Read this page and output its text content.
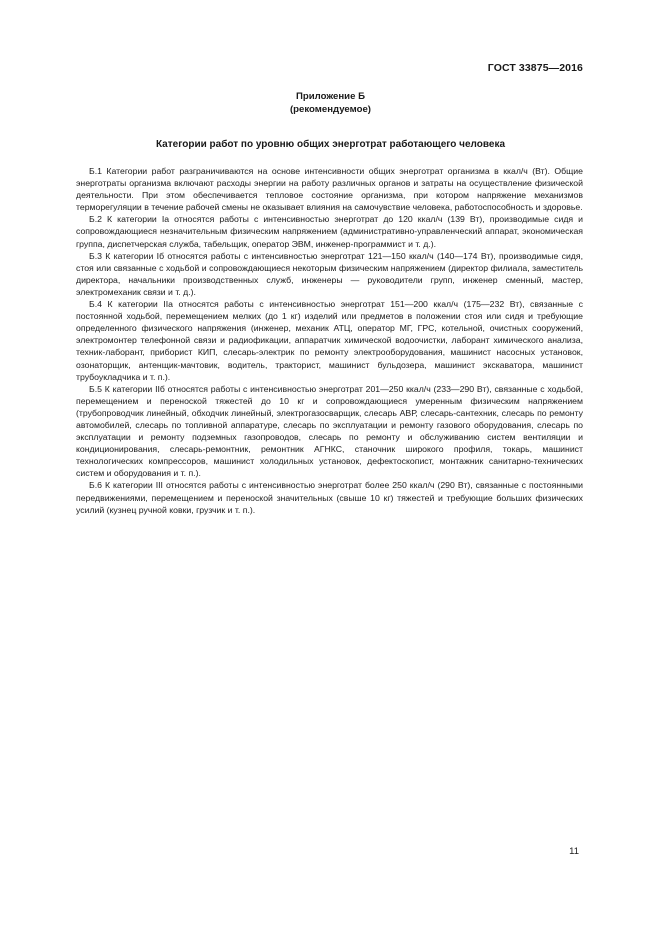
ГОСТ 33875—2016
Приложение Б
(рекомендуемое)
Категории работ по уровню общих энерготрат работающего человека

Б.1 Категории работ разграничиваются на основе интенсивности общих энерготрат организма в ккал/ч (Вт). Общие энерготраты организма включают расходы энергии на работу различных органов и затраты на осуществление физической деятельности. При этом обеспечивается тепловое состояние организма, при котором напряжение механизмов терморегуляции в течение рабочей смены не оказывает влияния на самочувствие человека, работоспособность и здоровье.

Б.2 К категории Iа относятся работы с интенсивностью энерготрат до 120 ккал/ч (139 Вт), производимые сидя и сопровождающиеся незначительным физическим напряжением (административно-управленческий аппарат, экономическая группа, диспетчерская служба, табельщик, оператор ЭВМ, инженер-программист и т. д.).

Б.3 К категории Iб относятся работы с интенсивностью энерготрат 121—150 ккал/ч (140—174 Вт), производимые сидя, стоя или связанные с ходьбой и сопровождающиеся некоторым физическим напряжением (директор филиала, заместитель директора, начальники производственных служб, инженеры — руководители групп, инженер сменный, мастер, электромеханик связи и т. д.).

Б.4 К категории IIа относятся работы с интенсивностью энерготрат 151—200 ккал/ч (175—232 Вт), связанные с постоянной ходьбой, перемещением мелких (до 1 кг) изделий или предметов в положении стоя или сидя и требующие определенного физического напряжения (инженер, механик АТЦ, оператор МГ, ГРС, котельной, очистных сооружений, электромонтер телефонной связи и радиофикации, аппаратчик химической водоочистки, лаборант химического анализа, техник-лаборант, приборист КИП, слесарь-электрик по ремонту электрооборудования, машинист насосных установок, озонаторщик, антенщик-мачтовик, водитель, тракторист, машинист бульдозера, машинист экскаватора, машинист трубоукладчика и т. п.).

Б.5 К категории IIб относятся работы с интенсивностью энерготрат 201—250 ккал/ч (233—290 Вт), связанные с ходьбой, перемещением и переноской тяжестей до 10 кг и сопровождающиеся умеренным физическим напряжением (трубопроводчик линейный, обходчик линейный, электрогазосварщик, слесарь АВР, слесарь-сантехник, слесарь по ремонту автомобилей, слесарь по топливной аппаратуре, слесарь по эксплуатации и ремонту газового оборудования, слесарь по эксплуатации и ремонту подземных газопроводов, слесарь по ремонту и обслуживанию систем вентиляции и кондиционирования, слесарь-ремонтник, ремонтник АГНКС, станочник широкого профиля, токарь, машинист технологических компрессоров, машинист холодильных установок, дефектоскопист, монтажник санитарно-технических систем и оборудования и т. п.).

Б.6 К категории III относятся работы с интенсивностью энерготрат более 250 ккал/ч (290 Вт), связанные с постоянными передвижениями, перемещением и переноской значительных (свыше 10 кг) тяжестей и требующие больших физических усилий (кузнец ручной ковки, грузчик и т. п.).

11
